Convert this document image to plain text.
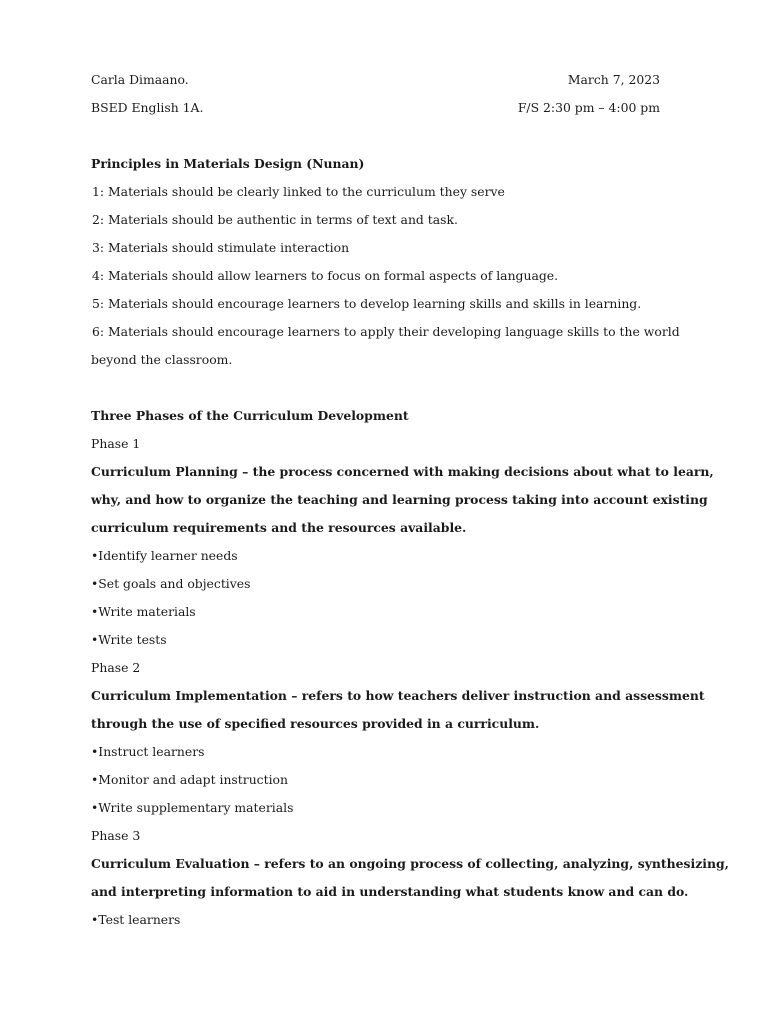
Carla Dimaano.	March 7, 2023
BSED English 1A.	F/S 2:30 pm – 4:00 pm
Principles in Materials Design (Nunan)
1: Materials should be clearly linked to the curriculum they serve
2: Materials should be authentic in terms of text and task.
3: Materials should stimulate interaction
4: Materials should allow learners to focus on formal aspects of language.
5: Materials should encourage learners to develop learning skills and skills in learning.
6: Materials should encourage learners to apply their developing language skills to the world
beyond the classroom.
Three Phases of the Curriculum Development
Phase 1
Curriculum Planning – the process concerned with making decisions about what to learn,
why, and how to organize the teaching and learning process taking into account existing
curriculum requirements and the resources available.
•Identify learner needs
•Set goals and objectives
•Write materials
•Write tests
Phase 2
Curriculum Implementation – refers to how teachers deliver instruction and assessment
through the use of specified resources provided in a curriculum.
•Instruct learners
•Monitor and adapt instruction
•Write supplementary materials
Phase 3
Curriculum Evaluation – refers to an ongoing process of collecting, analyzing, synthesizing,
and interpreting information to aid in understanding what students know and can do.
•Test learners
